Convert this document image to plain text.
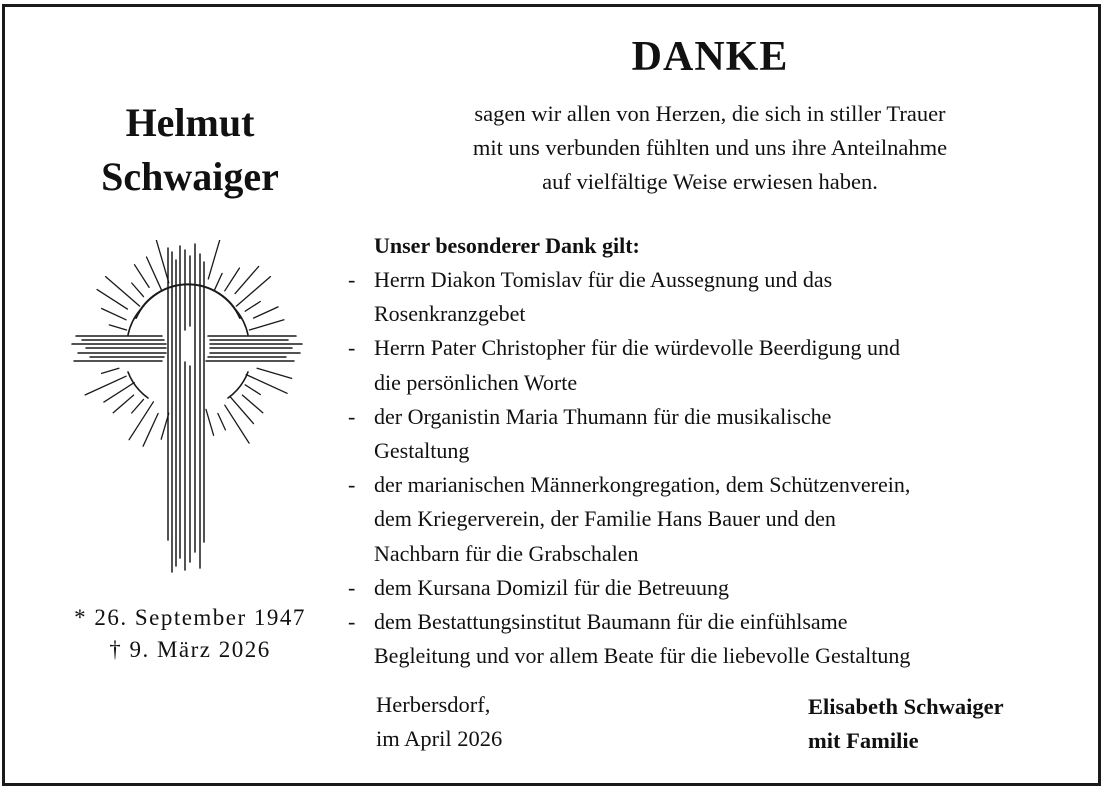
Helmut
Schwaiger
* 26. September 1947
† 9. März 2026
DANKE
sagen wir allen von Herzen, die sich in stiller Trauer
mit uns verbunden fühlten und uns ihre Anteilnahme
auf vielfältige Weise erwiesen haben.
Unser besonderer Dank gilt:
- Herrn Diakon Tomislav für die Aussegnung und das
Rosenkranzgebet
- Herrn Pater Christopher für die würdevolle Beerdigung und
die persönlichen Worte
- der Organistin Maria Thumann für die musikalische
Gestaltung
- der marianischen Männerkongregation, dem Schützenverein,
dem Kriegerverein, der Familie Hans Bauer und den
Nachbarn für die Grabschalen
- dem Kursana Domizil für die Betreuung
- dem Bestattungsinstitut Baumann für die einfühlsame
Begleitung und vor allem Beate für die liebevolle Gestaltung
Herbersdorf,
im April 2026
Elisabeth Schwaiger
mit Familie
